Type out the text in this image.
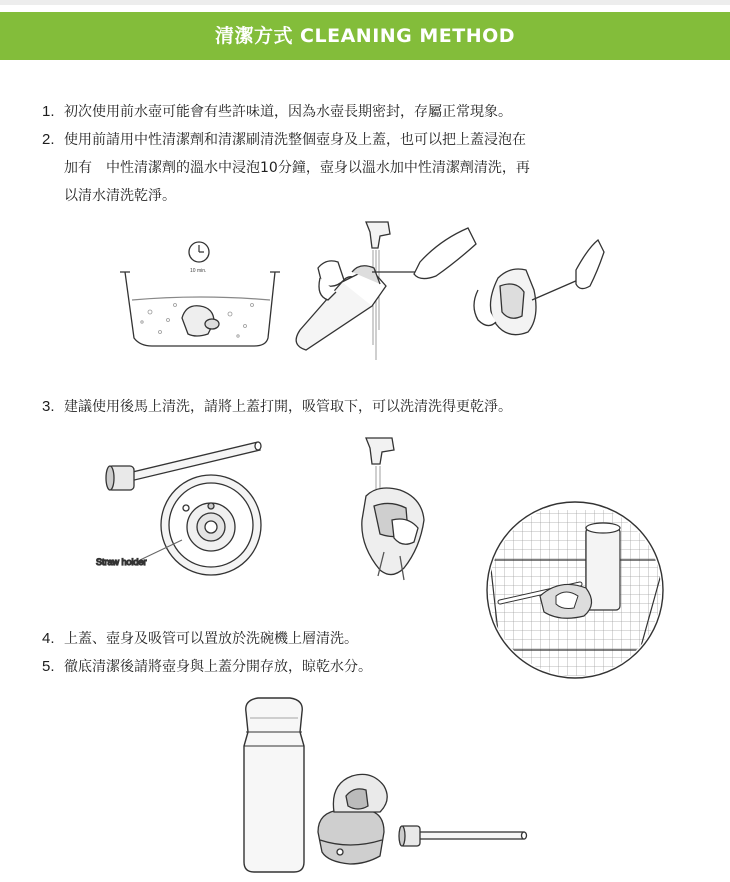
清潔方式 CLEANING METHOD
1. 初次使用前水壺可能會有些許味道，因為水壺長期密封，存屬正常現象。
2. 使用前請用中性清潔劑和清潔刷清洗整個壺身及上蓋，也可以把上蓋浸泡在
加有　中性清潔劑的溫水中浸泡10分鐘，壺身以溫水加中性清潔劑清洗，再
以清水清洗乾淨。
3. 建議使用後馬上清洗，請將上蓋打開，吸管取下，可以洗清洗得更乾淨。
4. 上蓋、壺身及吸管可以置放於洗碗機上層清洗。
5. 徹底清潔後請將壺身與上蓋分開存放，晾乾水分。
10 min.
Straw holder
